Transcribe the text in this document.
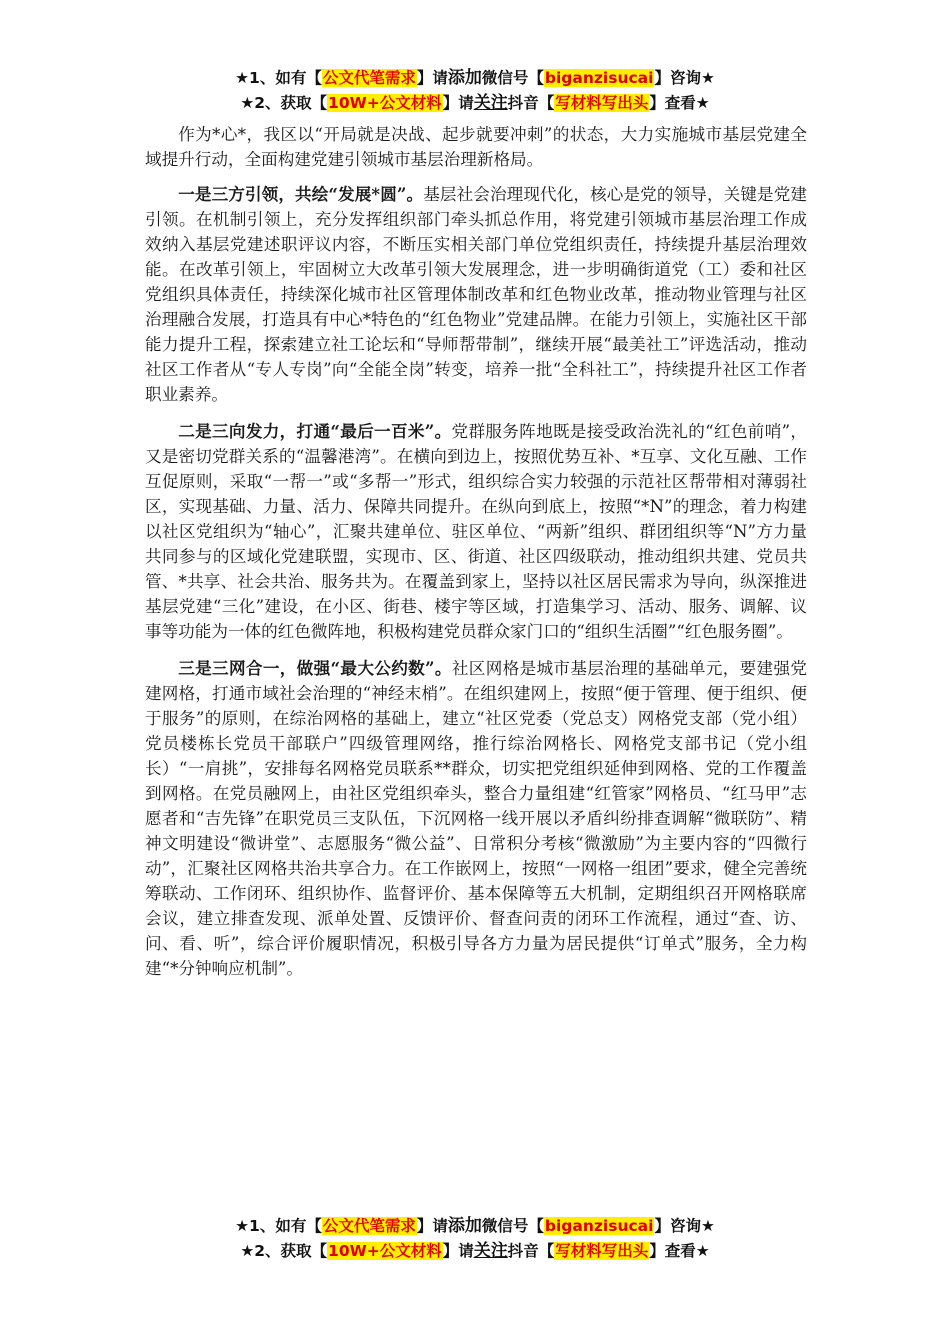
★1、如有【公文代笔需求】请添加微信号【biganzisucai】咨询★
★2、获取【10W+公文材料】请关注抖音【写材料写出头】查看★

作为*心*，我区以“开局就是决战、起步就要冲刺”的状态，大力实施城市基层党建全域提升行动，全面构建党建引领城市基层治理新格局。

一是三方引领，共绘“发展*圆”。基层社会治理现代化，核心是党的领导，关键是党建引领。在机制引领上，充分发挥组织部门牵头抓总作用，将党建引领城市基层治理工作成效纳入基层党建述职评议内容，不断压实相关部门单位党组织责任，持续提升基层治理效能。在改革引领上，牢固树立大改革引领大发展理念，进一步明确街道党（工）委和社区党组织具体责任，持续深化城市社区管理体制改革和红色物业改革，推动物业管理与社区治理融合发展，打造具有中心*特色的“红色物业”党建品牌。在能力引领上，实施社区干部能力提升工程，探索建立社工论坛和“导师帮带制”，继续开展“最美社工”评选活动，推动社区工作者从“专人专岗”向“全能全岗”转变，培养一批“全科社工”，持续提升社区工作者职业素养。

二是三向发力，打通“最后一百米”。党群服务阵地既是接受政治洗礼的“红色前哨”，又是密切党群关系的“温馨港湾”。在横向到边上，按照优势互补、*互享、文化互融、工作互促原则，采取“一帮一”或“多帮一”形式，组织综合实力较强的示范社区帮带相对薄弱社区，实现基础、力量、活力、保障共同提升。在纵向到底上，按照“*N”的理念，着力构建以社区党组织为“轴心”，汇聚共建单位、驻区单位、“两新”组织、群团组织等“N”方力量共同参与的区域化党建联盟，实现市、区、街道、社区四级联动，推动组织共建、党员共管、*共享、社会共治、服务共为。在覆盖到家上，坚持以社区居民需求为导向，纵深推进基层党建“三化”建设，在小区、街巷、楼宇等区域，打造集学习、活动、服务、调解、议事等功能为一体的红色微阵地，积极构建党员群众家门口的“组织生活圈”“红色服务圈”。

三是三网合一，做强“最大公约数”。社区网格是城市基层治理的基础单元，要建强党建网格，打通市域社会治理的“神经末梢”。在组织建网上，按照“便于管理、便于组织、便于服务”的原则，在综治网格的基础上，建立“社区党委（党总支）网格党支部（党小组）党员楼栋长党员干部联户”四级管理网络，推行综治网格长、网格党支部书记（党小组长）“一肩挑”，安排每名网格党员联系**群众，切实把党组织延伸到网格、党的工作覆盖到网格。在党员融网上，由社区党组织牵头，整合力量组建“红管家”网格员、“红马甲”志愿者和“吉先锋”在职党员三支队伍，下沉网格一线开展以矛盾纠纷排查调解“微联防”、精神文明建设“微讲堂”、志愿服务“微公益”、日常积分考核“微激励”为主要内容的“四微行动”，汇聚社区网格共治共享合力。在工作嵌网上，按照“一网格一组团”要求，健全完善统筹联动、工作闭环、组织协作、监督评价、基本保障等五大机制，定期组织召开网格联席会议，建立排查发现、派单处置、反馈评价、督查问责的闭环工作流程，通过“查、访、问、看、听”，综合评价履职情况，积极引导各方力量为居民提供“订单式”服务，全力构建“*分钟响应机制”。

★1、如有【公文代笔需求】请添加微信号【biganzisucai】咨询★
★2、获取【10W+公文材料】请关注抖音【写材料写出头】查看★
